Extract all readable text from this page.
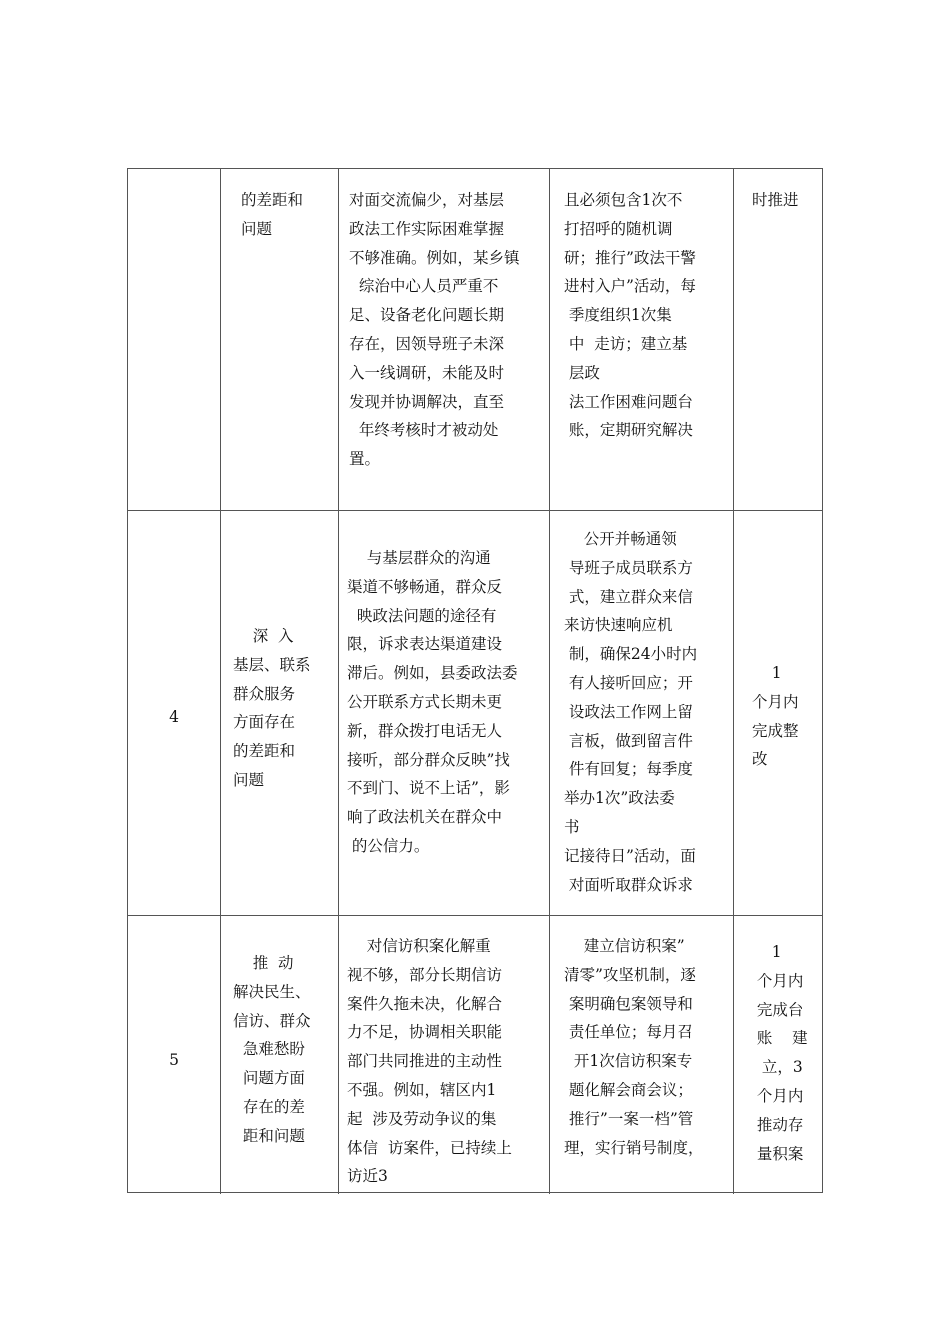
的差距和
问题
对面交流偏少，对基层
政法工作实际困难掌握
不够准确。例如，某乡镇
综治中心人员严重不
足、设备老化问题长期
存在，因领导班子未深
入一线调研，未能及时
发现并协调解决，直至
年终考核时才被动处
置。
且必须包含1次不
打招呼的随机调
研；推行”政法干警
进村入户”活动，每
季度组织1次集
中  走访；建立基
层政
法工作困难问题台
账，定期研究解决
时推进
4
深  入
基层、联系
群众服务
方面存在
的差距和
问题
与基层群众的沟通
渠道不够畅通，群众反
映政法问题的途径有
限，诉求表达渠道建设
滞后。例如，县委政法委
公开联系方式长期未更
新，群众拨打电话无人
接听，部分群众反映”找
不到门、说不上话”，影
响了政法机关在群众中
的公信力。
公开并畅通领
导班子成员联系方
式，建立群众来信
来访快速响应机
制，确保24小时内
有人接听回应；开
设政法工作网上留
言板，做到留言件
件有回复；每季度
举办1次”政法委
书
记接待日”活动，面
对面听取群众诉求
1
个月内
完成整
改
5
推  动
解决民生、
信访、群众
急难愁盼
问题方面
存在的差
距和问题
对信访积案化解重
视不够，部分长期信访
案件久拖未决，化解合
力不足，协调相关职能
部门共同推进的主动性
不强。例如，辖区内1
起  涉及劳动争议的集
体信  访案件，已持续上
访近3
建立信访积案”
清零”攻坚机制，逐
案明确包案领导和
责任单位；每月召
开1次信访积案专
题化解会商会议；
推行”一案一档”管
理，实行销号制度，
1
个月内
完成台
账    建
立，3
个月内
推动存
量积案
